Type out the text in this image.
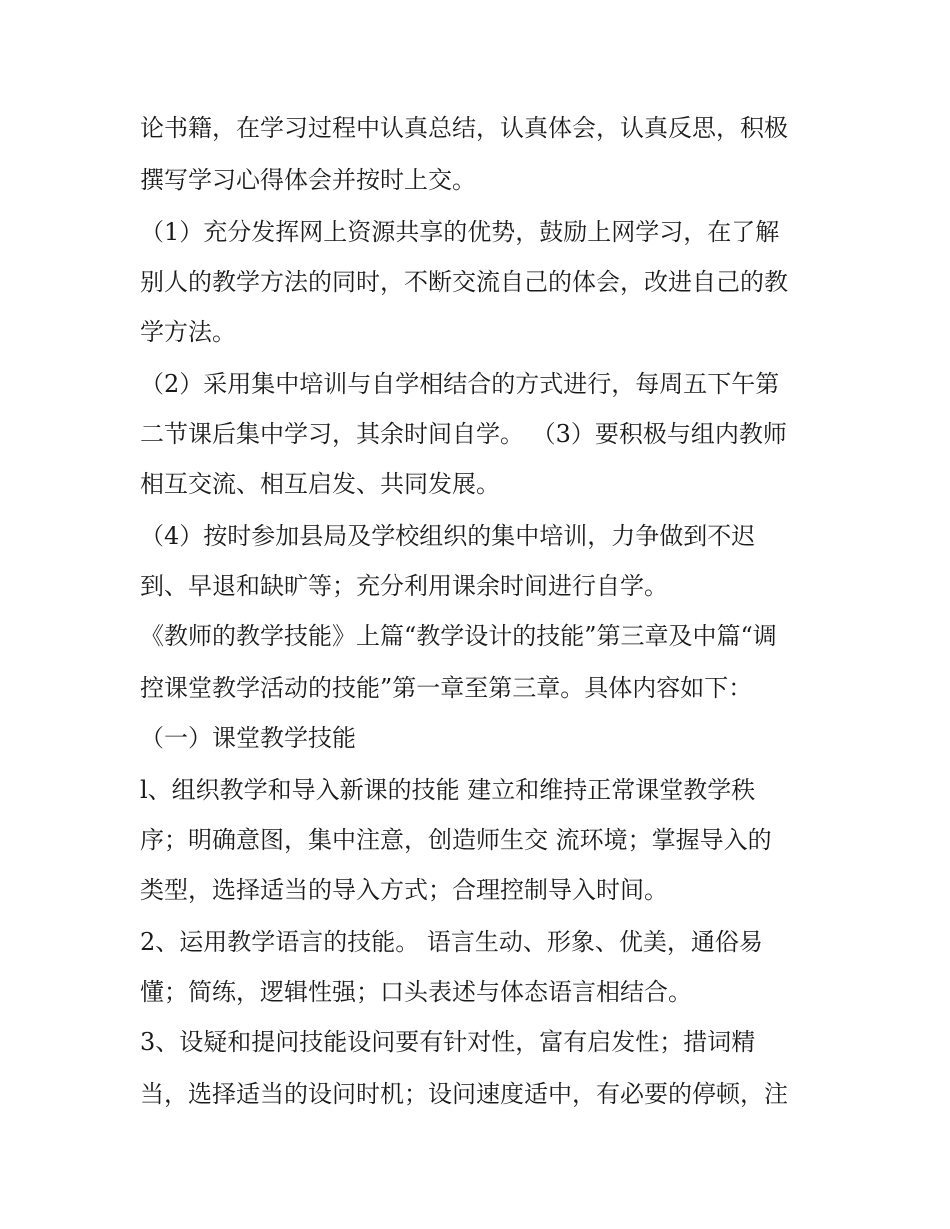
论书籍，在学习过程中认真总结，认真体会，认真反思，积极
撰写学习心得体会并按时上交。
（1）充分发挥网上资源共享的优势，鼓励上网学习，在了解
别人的教学方法的同时，不断交流自己的体会，改进自己的教
学方法。
（2）采用集中培训与自学相结合的方式进行，每周五下午第
二节课后集中学习，其余时间自学。 （3）要积极与组内教师
相互交流、相互启发、共同发展。
（4）按时参加县局及学校组织的集中培训，力争做到不迟
到、早退和缺旷等；充分利用课余时间进行自学。
《教师的教学技能》上篇“教学设计的技能”第三章及中篇“调
控课堂教学活动的技能”第一章至第三章。具体内容如下：
（一）课堂教学技能
l、组织教学和导入新课的技能 建立和维持正常课堂教学秩
序；明确意图，集中注意，创造师生交 流环境；掌握导入的
类型，选择适当的导入方式；合理控制导入时间。
2、运用教学语言的技能。 语言生动、形象、优美，通俗易
懂；简练，逻辑性强；口头表述与体态语言相结合。
3、设疑和提问技能设问要有针对性，富有启发性；措词精
当，选择适当的设问时机；设问速度适中，有必要的停顿，注
